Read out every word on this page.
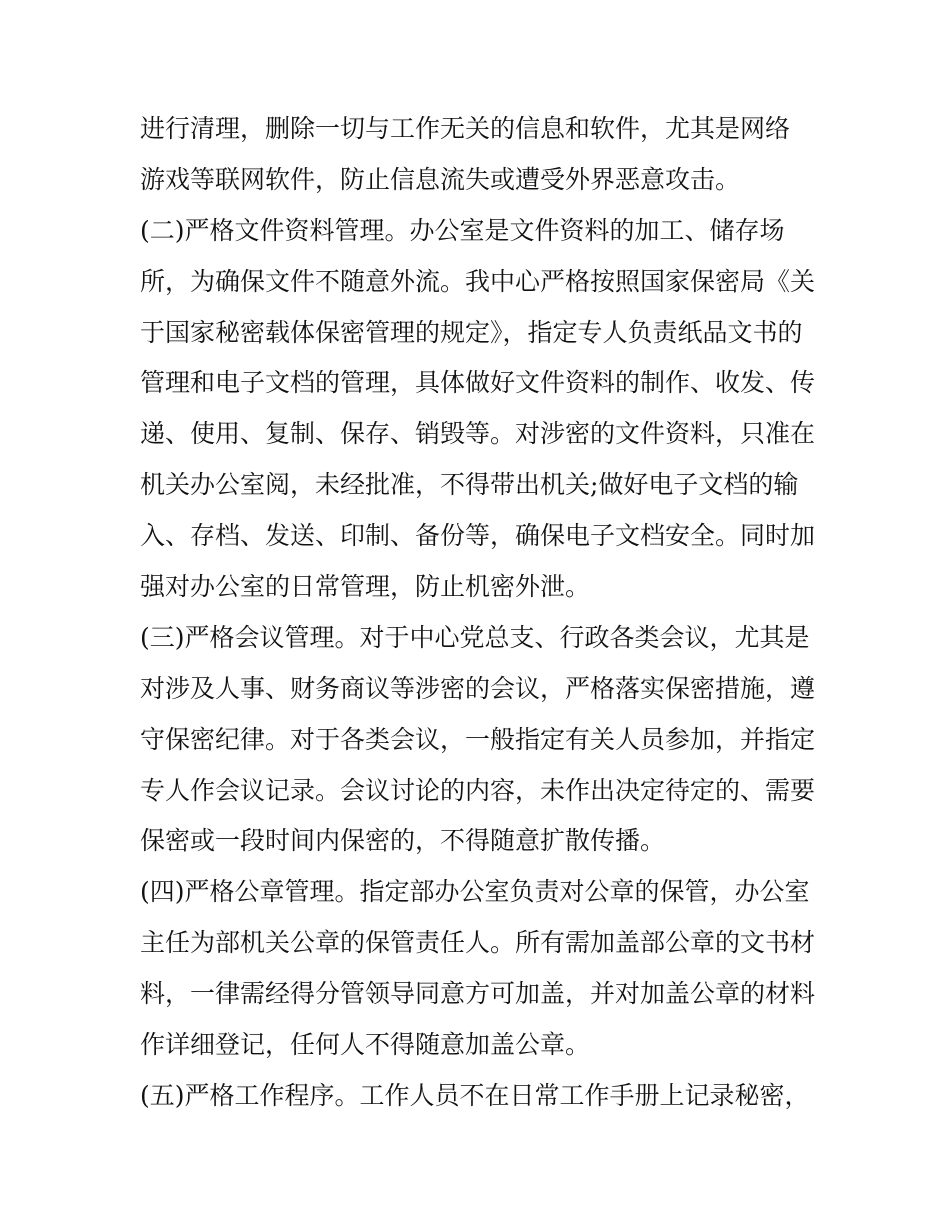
进行清理，删除一切与工作无关的信息和软件，尤其是网络
游戏等联网软件，防止信息流失或遭受外界恶意攻击。
(二)严格文件资料管理。办公室是文件资料的加工、储存场
所，为确保文件不随意外流。我中心严格按照国家保密局《关
于国家秘密载体保密管理的规定》，指定专人负责纸品文书的
管理和电子文档的管理，具体做好文件资料的制作、收发、传
递、使用、复制、保存、销毁等。对涉密的文件资料，只准在
机关办公室阅，未经批准，不得带出机关;做好电子文档的输
入、存档、发送、印制、备份等，确保电子文档安全。同时加
强对办公室的日常管理，防止机密外泄。
(三)严格会议管理。对于中心党总支、行政各类会议，尤其是
对涉及人事、财务商议等涉密的会议，严格落实保密措施，遵
守保密纪律。对于各类会议，一般指定有关人员参加，并指定
专人作会议记录。会议讨论的内容，未作出决定待定的、需要
保密或一段时间内保密的，不得随意扩散传播。
(四)严格公章管理。指定部办公室负责对公章的保管，办公室
主任为部机关公章的保管责任人。所有需加盖部公章的文书材
料，一律需经得分管领导同意方可加盖，并对加盖公章的材料
作详细登记，任何人不得随意加盖公章。
(五)严格工作程序。工作人员不在日常工作手册上记录秘密，
